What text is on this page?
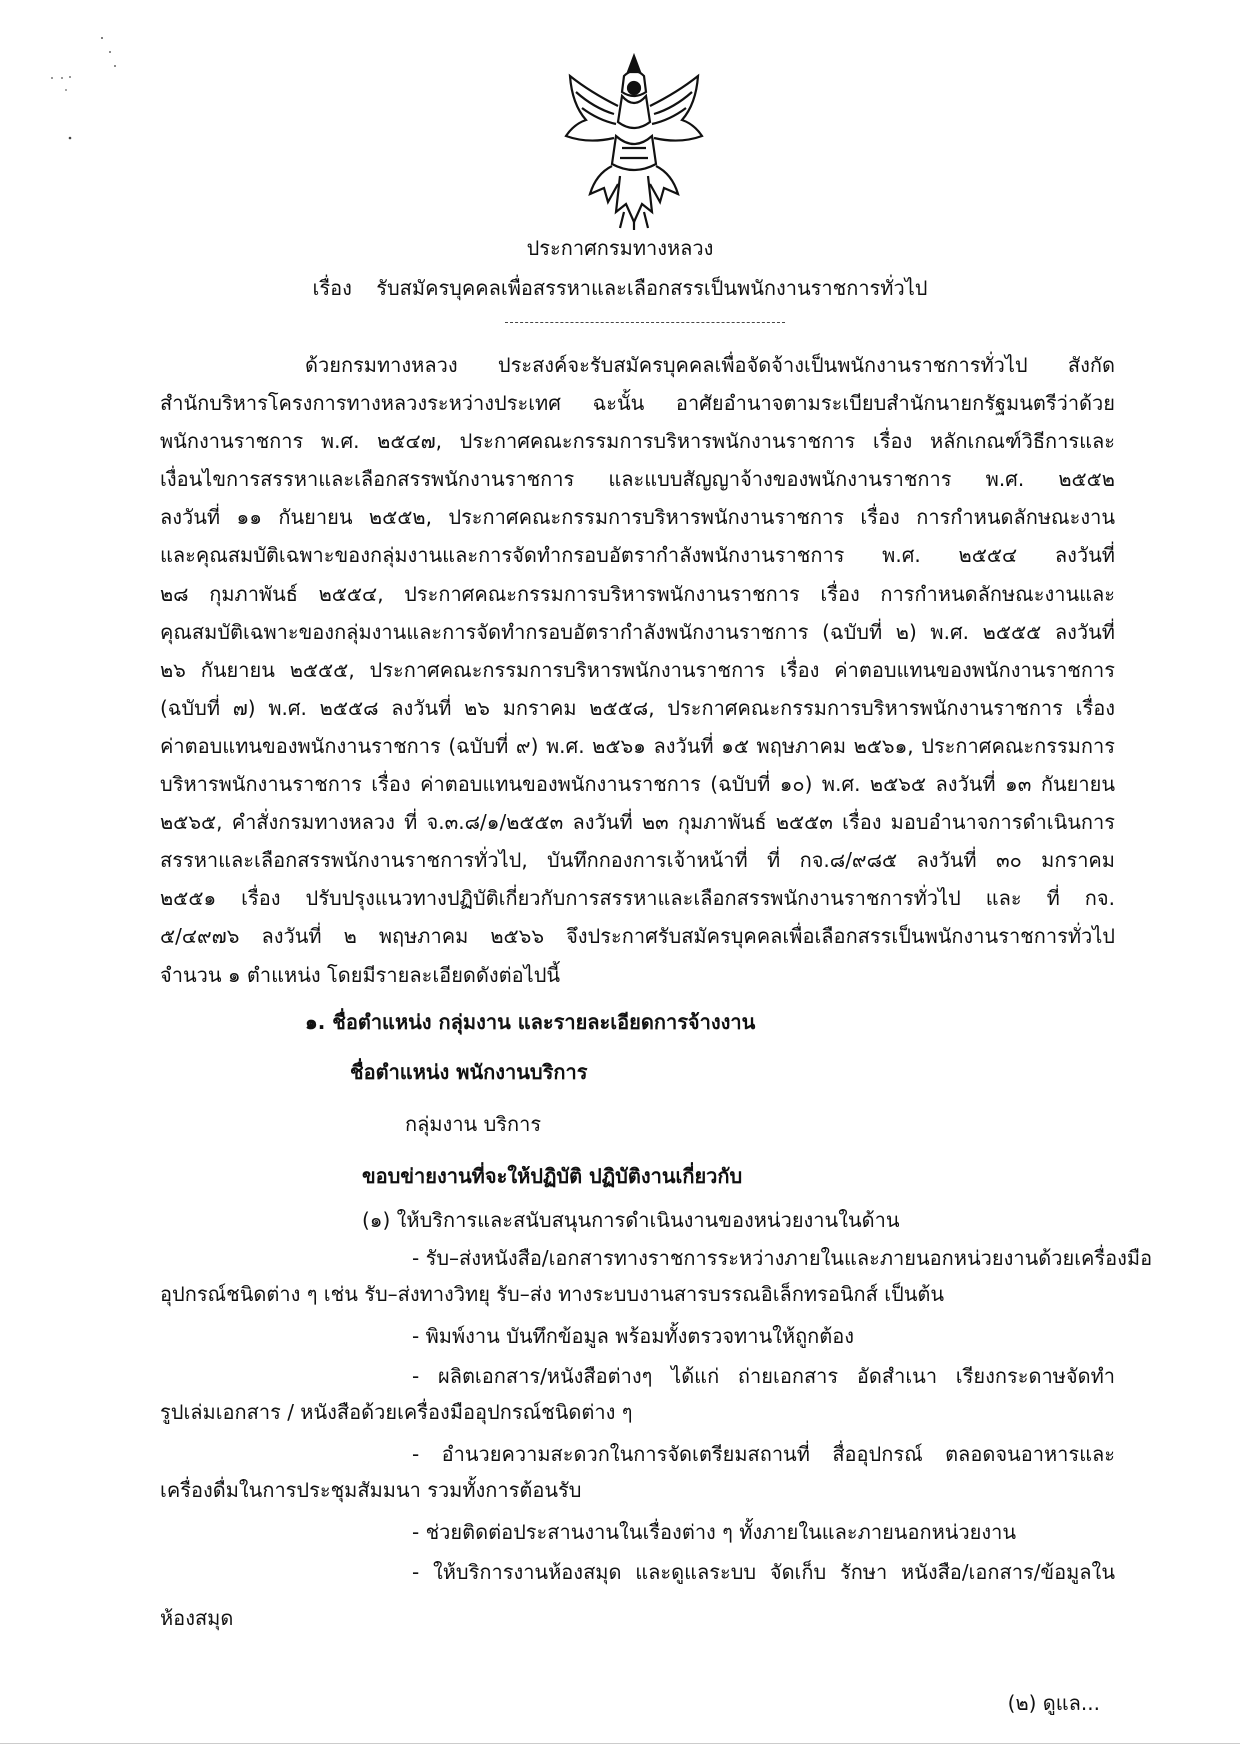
ประกาศกรมทางหลวง
เรื่อง รับสมัครบุคคลเพื่อสรรหาและเลือกสรรเป็นพนักงานราชการทั่วไป
ด้วยกรมทางหลวง ประสงค์จะรับสมัครบุคคลเพื่อจัดจ้างเป็นพนักงานราชการทั่วไป สังกัด
สำนักบริหารโครงการทางหลวงระหว่างประเทศ ฉะนั้น อาศัยอำนาจตามระเบียบสำนักนายกรัฐมนตรีว่าด้วย
พนักงานราชการ พ.ศ. ๒๕๔๗, ประกาศคณะกรรมการบริหารพนักงานราชการ เรื่อง หลักเกณฑ์วิธีการและ
เงื่อนไขการสรรหาและเลือกสรรพนักงานราชการ และแบบสัญญาจ้างของพนักงานราชการ พ.ศ. ๒๕๕๒
ลงวันที่ ๑๑ กันยายน ๒๕๕๒, ประกาศคณะกรรมการบริหารพนักงานราชการ เรื่อง การกำหนดลักษณะงาน
และคุณสมบัติเฉพาะของกลุ่มงานและการจัดทำกรอบอัตรากำลังพนักงานราชการ พ.ศ. ๒๕๕๔ ลงวันที่
๒๘ กุมภาพันธ์ ๒๕๕๔, ประกาศคณะกรรมการบริหารพนักงานราชการ เรื่อง การกำหนดลักษณะงานและ
คุณสมบัติเฉพาะของกลุ่มงานและการจัดทำกรอบอัตรากำลังพนักงานราชการ (ฉบับที่ ๒) พ.ศ. ๒๕๕๕ ลงวันที่
๒๖ กันยายน ๒๕๕๕, ประกาศคณะกรรมการบริหารพนักงานราชการ เรื่อง ค่าตอบแทนของพนักงานราชการ
(ฉบับที่ ๗) พ.ศ. ๒๕๕๘ ลงวันที่ ๒๖ มกราคม ๒๕๕๘, ประกาศคณะกรรมการบริหารพนักงานราชการ เรื่อง
ค่าตอบแทนของพนักงานราชการ (ฉบับที่ ๙) พ.ศ. ๒๕๖๑ ลงวันที่ ๑๕ พฤษภาคม ๒๕๖๑, ประกาศคณะกรรมการ
บริหารพนักงานราชการ เรื่อง ค่าตอบแทนของพนักงานราชการ (ฉบับที่ ๑๐) พ.ศ. ๒๕๖๕ ลงวันที่ ๑๓ กันยายน
๒๕๖๕, คำสั่งกรมทางหลวง ที่ จ.๓.๘/๑/๒๕๕๓ ลงวันที่ ๒๓ กุมภาพันธ์ ๒๕๕๓ เรื่อง มอบอำนาจการดำเนินการ
สรรหาและเลือกสรรพนักงานราชการทั่วไป, บันทึกกองการเจ้าหน้าที่ ที่ กจ.๘/๙๘๕ ลงวันที่ ๓๐ มกราคม
๒๕๕๑ เรื่อง ปรับปรุงแนวทางปฏิบัติเกี่ยวกับการสรรหาและเลือกสรรพนักงานราชการทั่วไป และ ที่ กจ.
๕/๔๙๗๖ ลงวันที่ ๒ พฤษภาคม ๒๕๖๖ จึงประกาศรับสมัครบุคคลเพื่อเลือกสรรเป็นพนักงานราชการทั่วไป
จำนวน ๑ ตำแหน่ง โดยมีรายละเอียดดังต่อไปนี้
๑. ชื่อตำแหน่ง กลุ่มงาน และรายละเอียดการจ้างงาน
ชื่อตำแหน่ง พนักงานบริการ
กลุ่มงาน บริการ
ขอบข่ายงานที่จะให้ปฏิบัติ ปฏิบัติงานเกี่ยวกับ
(๑) ให้บริการและสนับสนุนการดำเนินงานของหน่วยงานในด้าน
- รับ–ส่งหนังสือ/เอกสารทางราชการระหว่างภายในและภายนอกหน่วยงานด้วยเครื่องมือ
อุปกรณ์ชนิดต่าง ๆ เช่น รับ–ส่งทางวิทยุ รับ–ส่ง ทางระบบงานสารบรรณอิเล็กทรอนิกส์ เป็นต้น
- พิมพ์งาน บันทึกข้อมูล พร้อมทั้งตรวจทานให้ถูกต้อง
- ผลิตเอกสาร/หนังสือต่างๆ ได้แก่ ถ่ายเอกสาร อัดสำเนา เรียงกระดาษจัดทำ
รูปเล่มเอกสาร / หนังสือด้วยเครื่องมืออุปกรณ์ชนิดต่าง ๆ
- อำนวยความสะดวกในการจัดเตรียมสถานที่ สื่ออุปกรณ์ ตลอดจนอาหารและ
เครื่องดื่มในการประชุมสัมมนา รวมทั้งการต้อนรับ
- ช่วยติดต่อประสานงานในเรื่องต่าง ๆ ทั้งภายในและภายนอกหน่วยงาน
- ให้บริการงานห้องสมุด และดูแลระบบ จัดเก็บ รักษา หนังสือ/เอกสาร/ข้อมูลใน
ห้องสมุด
(๒) ดูแล...
